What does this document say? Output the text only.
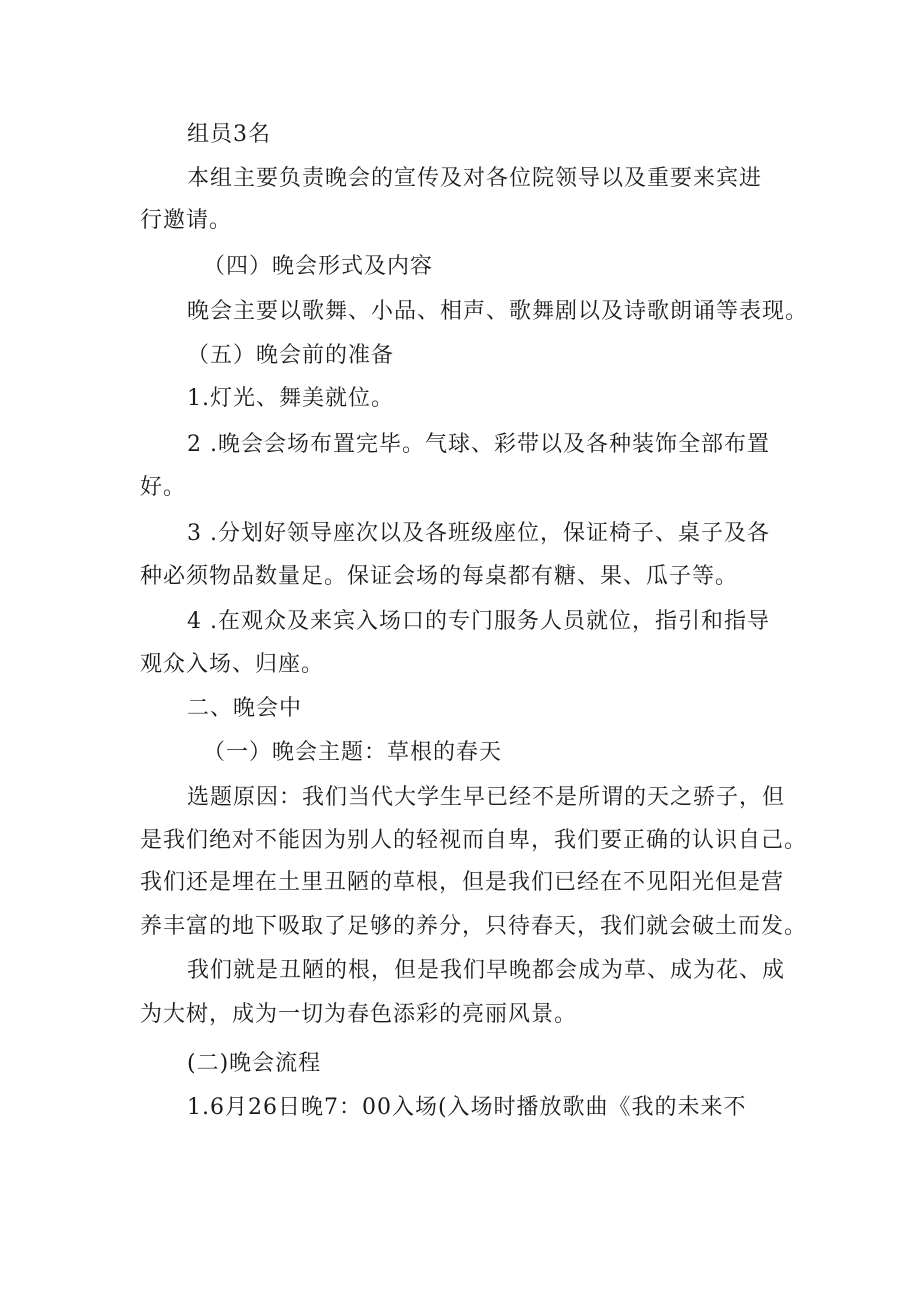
组员3名
本组主要负责晚会的宣传及对各位院领导以及重要来宾进
行邀请。
（四）晚会形式及内容
晚会主要以歌舞、小品、相声、歌舞剧以及诗歌朗诵等表现。
（五）晚会前的准备
1.灯光、舞美就位。
2 .晚会会场布置完毕。气球、彩带以及各种装饰全部布置
好。
3 .分划好领导座次以及各班级座位，保证椅子、桌子及各
种必须物品数量足。保证会场的每桌都有糖、果、瓜子等。
4 .在观众及来宾入场口的专门服务人员就位，指引和指导
观众入场、归座。
二、晚会中
（一）晚会主题：草根的春天
选题原因：我们当代大学生早已经不是所谓的天之骄子，但
是我们绝对不能因为别人的轻视而自卑，我们要正确的认识自己。
我们还是埋在土里丑陋的草根，但是我们已经在不见阳光但是营
养丰富的地下吸取了足够的养分，只待春天，我们就会破土而发。
我们就是丑陋的根，但是我们早晚都会成为草、成为花、成
为大树，成为一切为春色添彩的亮丽风景。
(二)晚会流程
1.6月26日晚7：00入场(入场时播放歌曲《我的未来不
